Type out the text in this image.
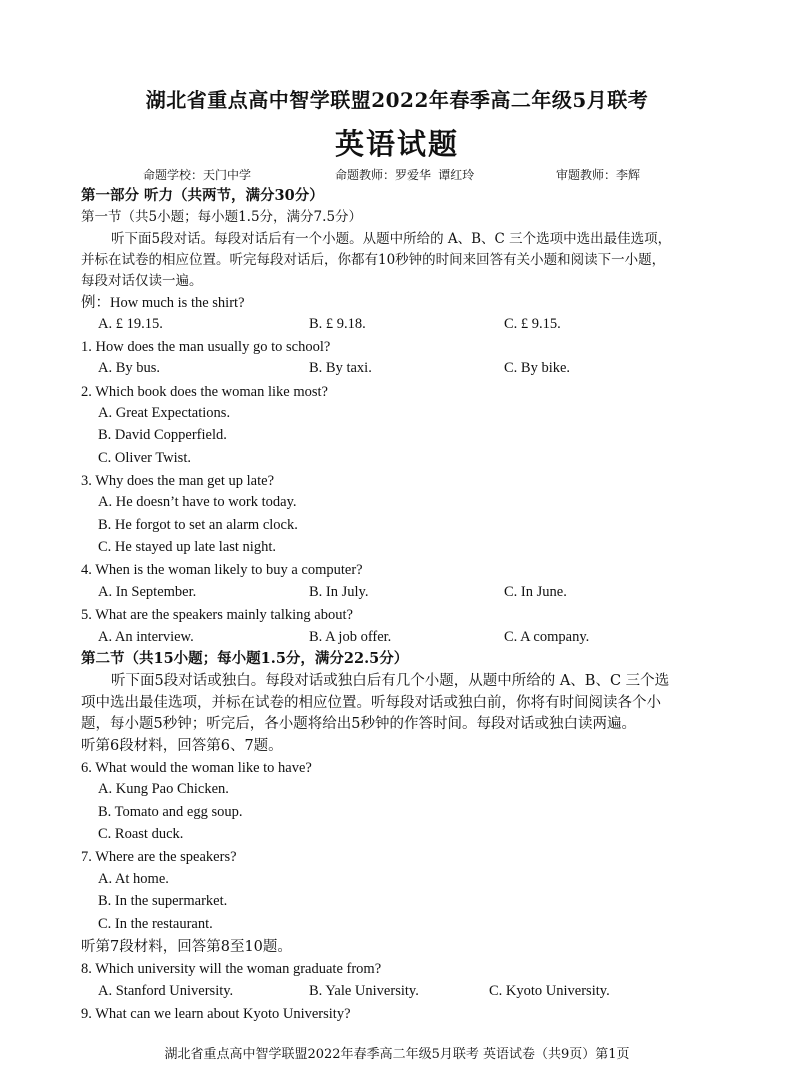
湖北省重点高中智学联盟2022年春季高二年级5月联考
英语试题
命题学校：天门中学	命题教师：罗爱华 谭红玲	审题教师：李辉
第一部分 听力（共两节，满分30分）
第一节（共5小题；每小题1.5分，满分7.5分）
听下面5段对话。每段对话后有一个小题。从题中所给的 A、B、C 三个选项中选出最佳选项，
并标在试卷的相应位置。听完每段对话后，你都有10秒钟的时间来回答有关小题和阅读下一小题，
每段对话仅读一遍。
例：How much is the shirt?
A. £ 19.15.	B. £ 9.18.	C. £ 9.15.
1. How does the man usually go to school?
A. By bus.	B. By taxi.	C. By bike.
2. Which book does the woman like most?
A. Great Expectations.
B. David Copperfield.
C. Oliver Twist.
3. Why does the man get up late?
A. He doesn’t have to work today.
B. He forgot to set an alarm clock.
C. He stayed up late last night.
4. When is the woman likely to buy a computer?
A. In September.	B. In July.	C. In June.
5. What are the speakers mainly talking about?
A. An interview.	B. A job offer.	C. A company.
第二节（共15小题；每小题1.5分，满分22.5分）
听下面5段对话或独白。每段对话或独白后有几个小题，从题中所给的 A、B、C 三个选
项中选出最佳选项，并标在试卷的相应位置。听每段对话或独白前，你将有时间阅读各个小
题，每小题5秒钟；听完后，各小题将给出5秒钟的作答时间。每段对话或独白读两遍。
听第6段材料，回答第6、7题。
6. What would the woman like to have?
A. Kung Pao Chicken.
B. Tomato and egg soup.
C. Roast duck.
7. Where are the speakers?
A. At home.
B. In the supermarket.
C. In the restaurant.
听第7段材料，回答第8至10题。
8. Which university will the woman graduate from?
A. Stanford University.	B. Yale University.	C. Kyoto University.
9. What can we learn about Kyoto University?
湖北省重点高中智学联盟2022年春季高二年级5月联考 英语试卷（共9页）第1页
